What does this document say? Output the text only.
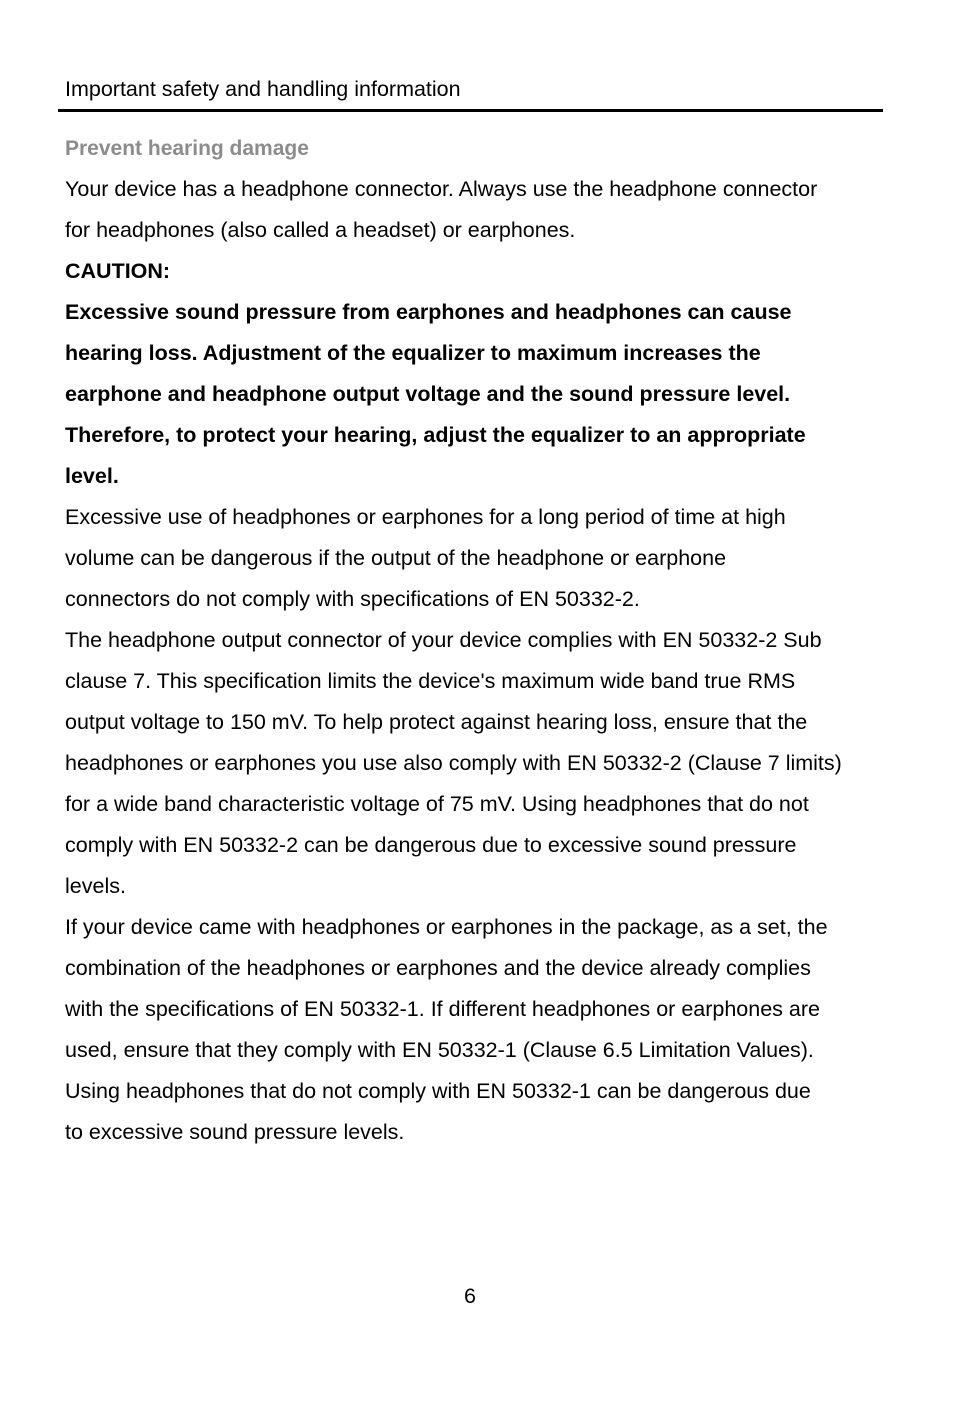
Important safety and handling information
Prevent hearing damage

Your device has a headphone connector. Always use the headphone connector
for headphones (also called a headset) or earphones.

CAUTION:

Excessive sound pressure from earphones and headphones can cause
hearing loss. Adjustment of the equalizer to maximum increases the
earphone and headphone output voltage and the sound pressure level.
Therefore, to protect your hearing, adjust the equalizer to an appropriate
level.

Excessive use of headphones or earphones for a long period of time at high
volume can be dangerous if the output of the headphone or earphone
connectors do not comply with specifications of EN 50332-2.

The headphone output connector of your device complies with EN 50332-2 Sub
clause 7. This specification limits the device's maximum wide band true RMS
output voltage to 150 mV. To help protect against hearing loss, ensure that the
headphones or earphones you use also comply with EN 50332-2 (Clause 7 limits)
for a wide band characteristic voltage of 75 mV. Using headphones that do not
comply with EN 50332-2 can be dangerous due to excessive sound pressure
levels.

If your device came with headphones or earphones in the package, as a set, the
combination of the headphones or earphones and the device already complies
with the specifications of EN 50332-1. If different headphones or earphones are
used, ensure that they comply with EN 50332-1 (Clause 6.5 Limitation Values).
Using headphones that do not comply with EN 50332-1 can be dangerous due
to excessive sound pressure levels.

6
